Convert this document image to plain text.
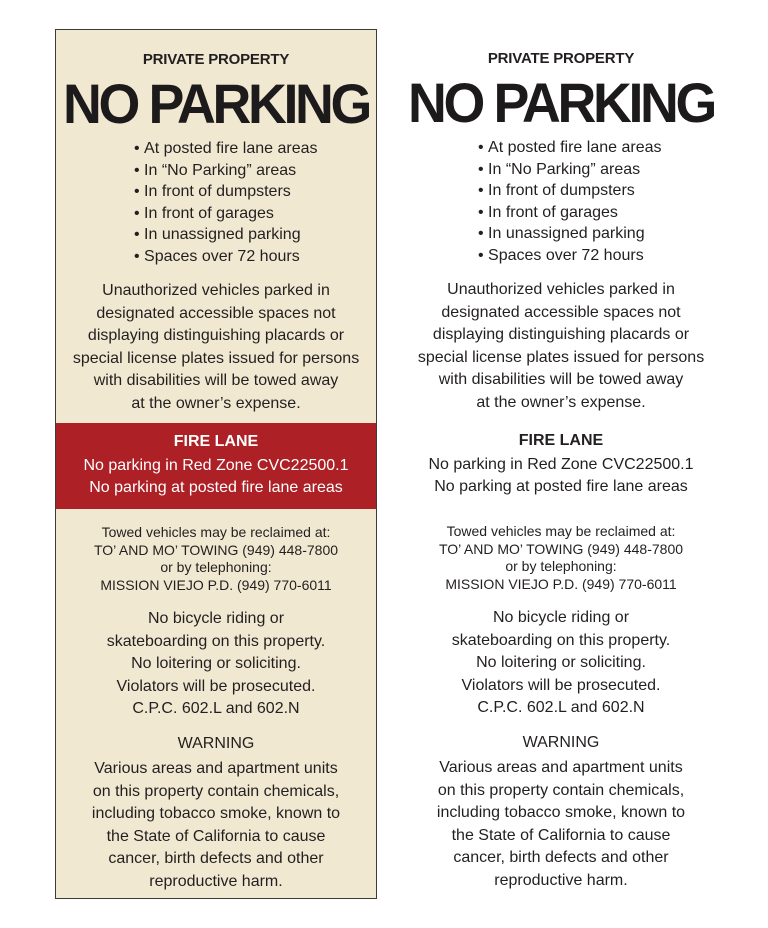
PRIVATE PROPERTY
NO PARKING
• At posted fire lane areas
• In “No Parking” areas
• In front of dumpsters
• In front of garages
• In unassigned parking
• Spaces over 72 hours
Unauthorized vehicles parked in
designated accessible spaces not
displaying distinguishing placards or
special license plates issued for persons
with disabilities will be towed away
at the owner’s expense.
FIRE LANE
No parking in Red Zone CVC22500.1
No parking at posted fire lane areas
Towed vehicles may be reclaimed at:
TO’ AND MO’ TOWING (949) 448-7800
or by telephoning:
MISSION VIEJO P.D. (949) 770-6011
No bicycle riding or
skateboarding on this property.
No loitering or soliciting.
Violators will be prosecuted.
C.P.C. 602.L and 602.N
WARNING
Various areas and apartment units
on this property contain chemicals,
including tobacco smoke, known to
the State of California to cause
cancer, birth defects and other
reproductive harm.
PRIVATE PROPERTY
NO PARKING
• At posted fire lane areas
• In “No Parking” areas
• In front of dumpsters
• In front of garages
• In unassigned parking
• Spaces over 72 hours
Unauthorized vehicles parked in
designated accessible spaces not
displaying distinguishing placards or
special license plates issued for persons
with disabilities will be towed away
at the owner’s expense.
FIRE LANE
No parking in Red Zone CVC22500.1
No parking at posted fire lane areas
Towed vehicles may be reclaimed at:
TO’ AND MO’ TOWING (949) 448-7800
or by telephoning:
MISSION VIEJO P.D. (949) 770-6011
No bicycle riding or
skateboarding on this property.
No loitering or soliciting.
Violators will be prosecuted.
C.P.C. 602.L and 602.N
WARNING
Various areas and apartment units
on this property contain chemicals,
including tobacco smoke, known to
the State of California to cause
cancer, birth defects and other
reproductive harm.
